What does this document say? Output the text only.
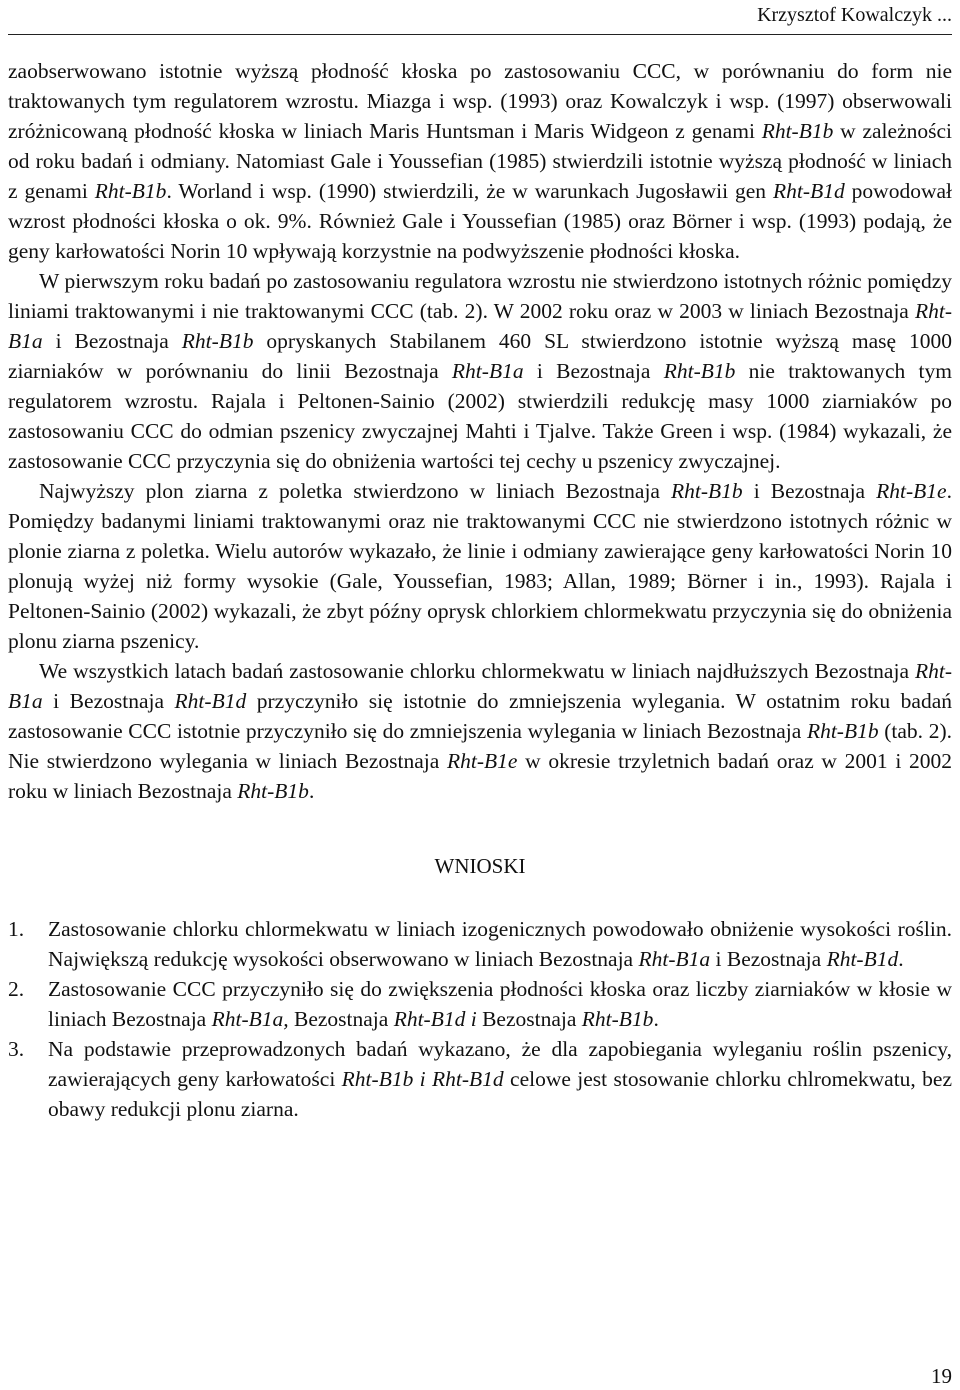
Krzysztof Kowalczyk ...

zaobserwowano istotnie wyższą płodność kłoska po zastosowaniu CCC, w porównaniu do form nie traktowanych tym regulatorem wzrostu. Miazga i wsp. (1993) oraz Kowalczyk i wsp. (1997) obserwowali zróżnicowaną płodność kłoska w liniach Maris Huntsman i Maris Widgeon z genami Rht-B1b w zależności od roku badań i odmiany. Natomiast Gale i Youssefian (1985) stwierdzili istotnie wyższą płodność w liniach z genami Rht-B1b. Worland i wsp. (1990) stwierdzili, że w warunkach Jugosławii gen Rht-B1d powodował wzrost płodności kłoska o ok. 9%. Również Gale i Youssefian (1985) oraz Börner i wsp. (1993) podają, że geny karłowatości Norin 10 wpływają korzystnie na podwyższenie płodności kłoska.

W pierwszym roku badań po zastosowaniu regulatora wzrostu nie stwierdzono istotnych różnic pomiędzy liniami traktowanymi i nie traktowanymi CCC (tab. 2). W 2002 roku oraz w 2003 w liniach Bezostnaja Rht-B1a i Bezostnaja Rht-B1b opryskanych Stabilanem 460 SL stwierdzono istotnie wyższą masę 1000 ziarniaków w porównaniu do linii Bezostnaja Rht-B1a i Bezostnaja Rht-B1b nie traktowanych tym regulatorem wzrostu. Rajala i Peltonen-Sainio (2002) stwierdzili redukcję masy 1000 ziarniaków po zastosowaniu CCC do odmian pszenicy zwyczajnej Mahti i Tjalve. Także Green i wsp. (1984) wykazali, że zastosowanie CCC przyczynia się do obniżenia wartości tej cechy u pszenicy zwyczajnej.

Najwyższy plon ziarna z poletka stwierdzono w liniach Bezostnaja Rht-B1b i Bezostnaja Rht-B1e. Pomiędzy badanymi liniami traktowanymi oraz nie traktowanymi CCC nie stwierdzono istotnych różnic w plonie ziarna z poletka. Wielu autorów wykazało, że linie i odmiany zawierające geny karłowatości Norin 10 plonują wyżej niż formy wysokie (Gale, Youssefian, 1983; Allan, 1989; Börner i in., 1993). Rajala i Peltonen-Sainio (2002) wykazali, że zbyt późny oprysk chlorkiem chlormekwatu przyczynia się do obniżenia plonu ziarna pszenicy.

We wszystkich latach badań zastosowanie chlorku chlormekwatu w liniach najdłuższych Bezostnaja Rht-B1a i Bezostnaja Rht-B1d przyczyniło się istotnie do zmniejszenia wylegania. W ostatnim roku badań zastosowanie CCC istotnie przyczyniło się do zmniejszenia wylegania w liniach Bezostnaja Rht-B1b (tab. 2). Nie stwierdzono wylegania w liniach Bezostnaja Rht-B1e w okresie trzyletnich badań oraz w 2001 i 2002 roku w liniach Bezostnaja Rht-B1b.

WNIOSKI
1.	Zastosowanie chlorku chlormekwatu w liniach izogenicznych powodowało obniżenie wysokości roślin. Największą redukcję wysokości obserwowano w liniach Bezostnaja Rht-B1a i Bezostnaja Rht-B1d.
2.	Zastosowanie CCC przyczyniło się do zwiększenia płodności kłoska oraz liczby ziarniaków w kłosie w liniach Bezostnaja Rht-B1a, Bezostnaja Rht-B1d i Bezostnaja Rht-B1b.
3.	Na podstawie przeprowadzonych badań wykazano, że dla zapobiegania wyleganiu roślin pszenicy, zawierających geny karłowatości Rht-B1b i Rht-B1d celowe jest stosowanie chlorku chlromekwatu, bez obawy redukcji plonu ziarna.
19
